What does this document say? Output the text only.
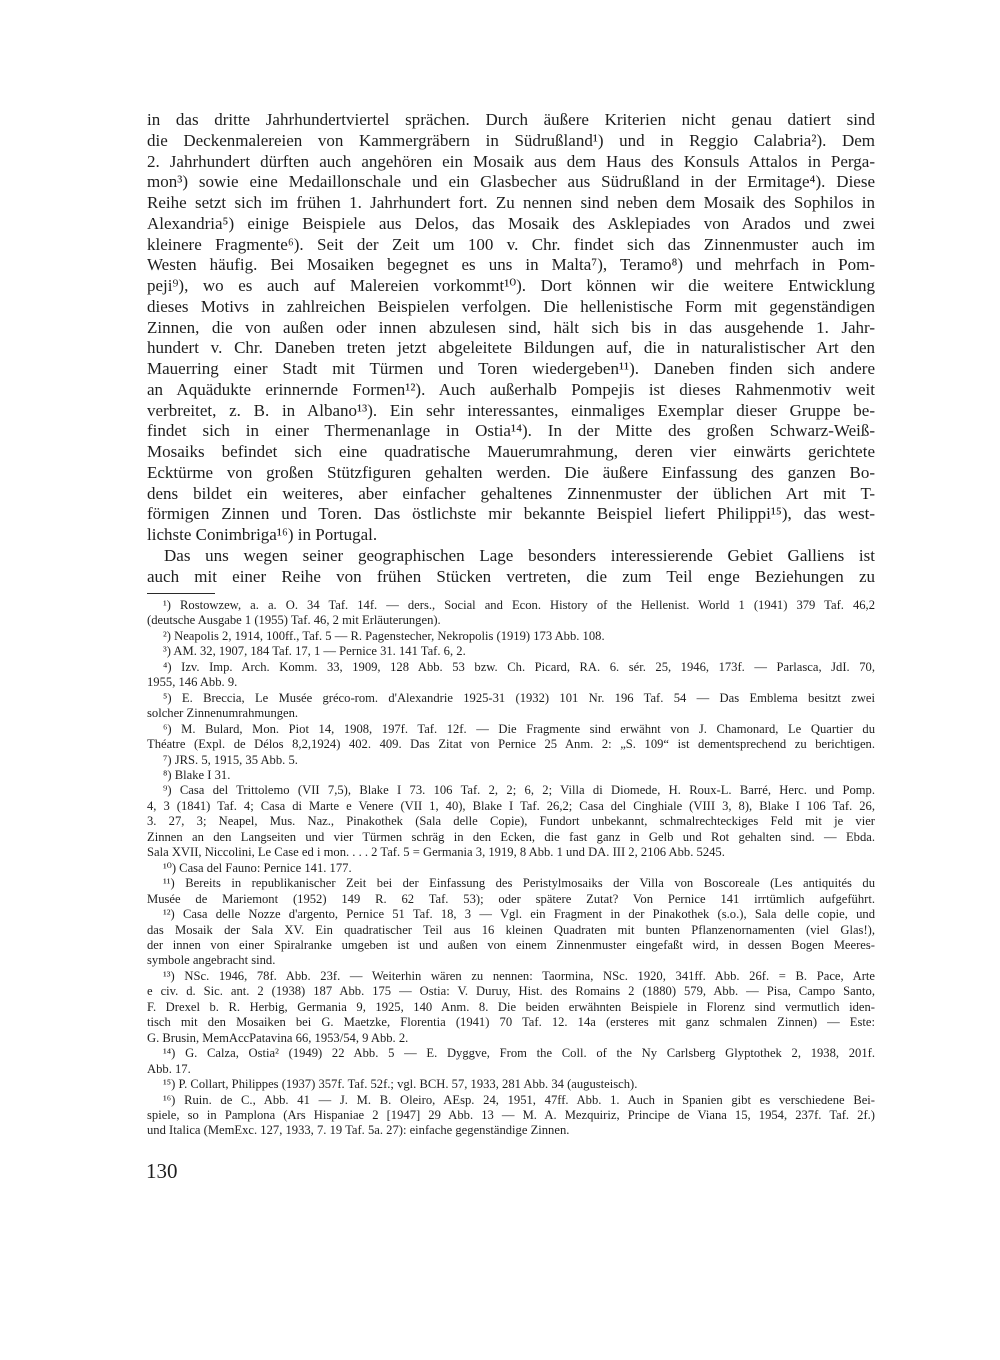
in das dritte Jahrhundertviertel sprächen. Durch äußere Kriterien nicht genau datiert sind
die Deckenmalereien von Kammergräbern in Südrußland¹) und in Reggio Calabria²). Dem
2. Jahrhundert dürften auch angehören ein Mosaik aus dem Haus des Konsuls Attalos in Perga-
mon³) sowie eine Medaillonschale und ein Glasbecher aus Südrußland in der Ermitage⁴). Diese
Reihe setzt sich im frühen 1. Jahrhundert fort. Zu nennen sind neben dem Mosaik des Sophilos in
Alexandria⁵) einige Beispiele aus Delos, das Mosaik des Asklepiades von Arados und zwei
kleinere Fragmente⁶). Seit der Zeit um 100 v. Chr. findet sich das Zinnenmuster auch im
Westen häufig. Bei Mosaiken begegnet es uns in Malta⁷), Teramo⁸) und mehrfach in Pom-
peji⁹), wo es auch auf Malereien vorkommt¹⁰). Dort können wir die weitere Entwicklung
dieses Motivs in zahlreichen Beispielen verfolgen. Die hellenistische Form mit gegenständigen
Zinnen, die von außen oder innen abzulesen sind, hält sich bis in das ausgehende 1. Jahr-
hundert v. Chr. Daneben treten jetzt abgeleitete Bildungen auf, die in naturalistischer Art den
Mauerring einer Stadt mit Türmen und Toren wiedergeben¹¹). Daneben finden sich andere
an Aquädukte erinnernde Formen¹²). Auch außerhalb Pompejis ist dieses Rahmenmotiv weit
verbreitet, z. B. in Albano¹³). Ein sehr interessantes, einmaliges Exemplar dieser Gruppe be-
findet sich in einer Thermenanlage in Ostia¹⁴). In der Mitte des großen Schwarz-Weiß-
Mosaiks befindet sich eine quadratische Mauerumrahmung, deren vier einwärts gerichtete
Ecktürme von großen Stützfiguren gehalten werden. Die äußere Einfassung des ganzen Bo-
dens bildet ein weiteres, aber einfacher gehaltenes Zinnenmuster der üblichen Art mit T-
förmigen Zinnen und Toren. Das östlichste mir bekannte Beispiel liefert Philippi¹⁵), das west-
lichste Conimbriga¹⁶) in Portugal.
Das uns wegen seiner geographischen Lage besonders interessierende Gebiet Galliens ist
auch mit einer Reihe von frühen Stücken vertreten, die zum Teil enge Beziehungen zu
¹) Rostowzew, a. a. O. 34 Taf. 14f. — ders., Social and Econ. History of the Hellenist. World 1 (1941) 379 Taf. 46,2
(deutsche Ausgabe 1 (1955) Taf. 46, 2 mit Erläuterungen).
²) Neapolis 2, 1914, 100ff., Taf. 5 — R. Pagenstecher, Nekropolis (1919) 173 Abb. 108.
³) AM. 32, 1907, 184 Taf. 17, 1 — Pernice 31. 141 Taf. 6, 2.
⁴) Izv. Imp. Arch. Komm. 33, 1909, 128 Abb. 53 bzw. Ch. Picard, RA. 6. sér. 25, 1946, 173f. — Parlasca, JdI. 70,
1955, 146 Abb. 9.
⁵) E. Breccia, Le Musée gréco-rom. d'Alexandrie 1925-31 (1932) 101 Nr. 196 Taf. 54 — Das Emblema besitzt zwei
solcher Zinnenumrahmungen.
⁶) M. Bulard, Mon. Piot 14, 1908, 197f. Taf. 12f. — Die Fragmente sind erwähnt von J. Chamonard, Le Quartier du
Théatre (Expl. de Délos 8,2,1924) 402. 409. Das Zitat von Pernice 25 Anm. 2: „S. 109“ ist dementsprechend zu berichtigen.
⁷) JRS. 5, 1915, 35 Abb. 5.
⁸) Blake I 31.
⁹) Casa del Trittolemo (VII 7,5), Blake I 73. 106 Taf. 2, 2; 6, 2; Villa di Diomede, H. Roux-L. Barré, Herc. und Pomp.
4, 3 (1841) Taf. 4; Casa di Marte e Venere (VII 1, 40), Blake I Taf. 26,2; Casa del Cinghiale (VIII 3, 8), Blake I 106 Taf. 26,
3. 27, 3; Neapel, Mus. Naz., Pinakothek (Sala delle Copie), Fundort unbekannt, schmalrechteckiges Feld mit je vier
Zinnen an den Langseiten und vier Türmen schräg in den Ecken, die fast ganz in Gelb und Rot gehalten sind. — Ebda.
Sala XVII, Niccolini, Le Case ed i mon. . . . 2 Taf. 5 = Germania 3, 1919, 8 Abb. 1 und DA. III 2, 2106 Abb. 5245.
¹⁰) Casa del Fauno: Pernice 141. 177.
¹¹) Bereits in republikanischer Zeit bei der Einfassung des Peristylmosaiks der Villa von Boscoreale (Les antiquités du
Musée de Mariemont (1952) 149 R. 62 Taf. 53); oder spätere Zutat? Von Pernice 141 irrtümlich aufgeführt.
¹²) Casa delle Nozze d'argento, Pernice 51 Taf. 18, 3 — Vgl. ein Fragment in der Pinakothek (s.o.), Sala delle copie, und
das Mosaik der Sala XV. Ein quadratischer Teil aus 16 kleinen Quadraten mit bunten Pflanzenornamenten (viel Glas!),
der innen von einer Spiralranke umgeben ist und außen von einem Zinnenmuster eingefaßt wird, in dessen Bogen Meeres-
symbole angebracht sind.
¹³) NSc. 1946, 78f. Abb. 23f. — Weiterhin wären zu nennen: Taormina, NSc. 1920, 341ff. Abb. 26f. = B. Pace, Arte
e civ. d. Sic. ant. 2 (1938) 187 Abb. 175 — Ostia: V. Duruy, Hist. des Romains 2 (1880) 579, Abb. — Pisa, Campo Santo,
F. Drexel b. R. Herbig, Germania 9, 1925, 140 Anm. 8. Die beiden erwähnten Beispiele in Florenz sind vermutlich iden-
tisch mit den Mosaiken bei G. Maetzke, Florentia (1941) 70 Taf. 12. 14a (ersteres mit ganz schmalen Zinnen) — Este:
G. Brusin, MemAccPatavina 66, 1953/54, 9 Abb. 2.
¹⁴) G. Calza, Ostia² (1949) 22 Abb. 5 — E. Dyggve, From the Coll. of the Ny Carlsberg Glyptothek 2, 1938, 201f.
Abb. 17.
¹⁵) P. Collart, Philippes (1937) 357f. Taf. 52f.; vgl. BCH. 57, 1933, 281 Abb. 34 (augusteisch).
¹⁶) Ruin. de C., Abb. 41 — J. M. B. Oleiro, AEsp. 24, 1951, 47ff. Abb. 1. Auch in Spanien gibt es verschiedene Bei-
spiele, so in Pamplona (Ars Hispaniae 2 [1947] 29 Abb. 13 — M. A. Mezquiriz, Principe de Viana 15, 1954, 237f. Taf. 2f.)
und Italica (MemExc. 127, 1933, 7. 19 Taf. 5a. 27): einfache gegenständige Zinnen.
130
